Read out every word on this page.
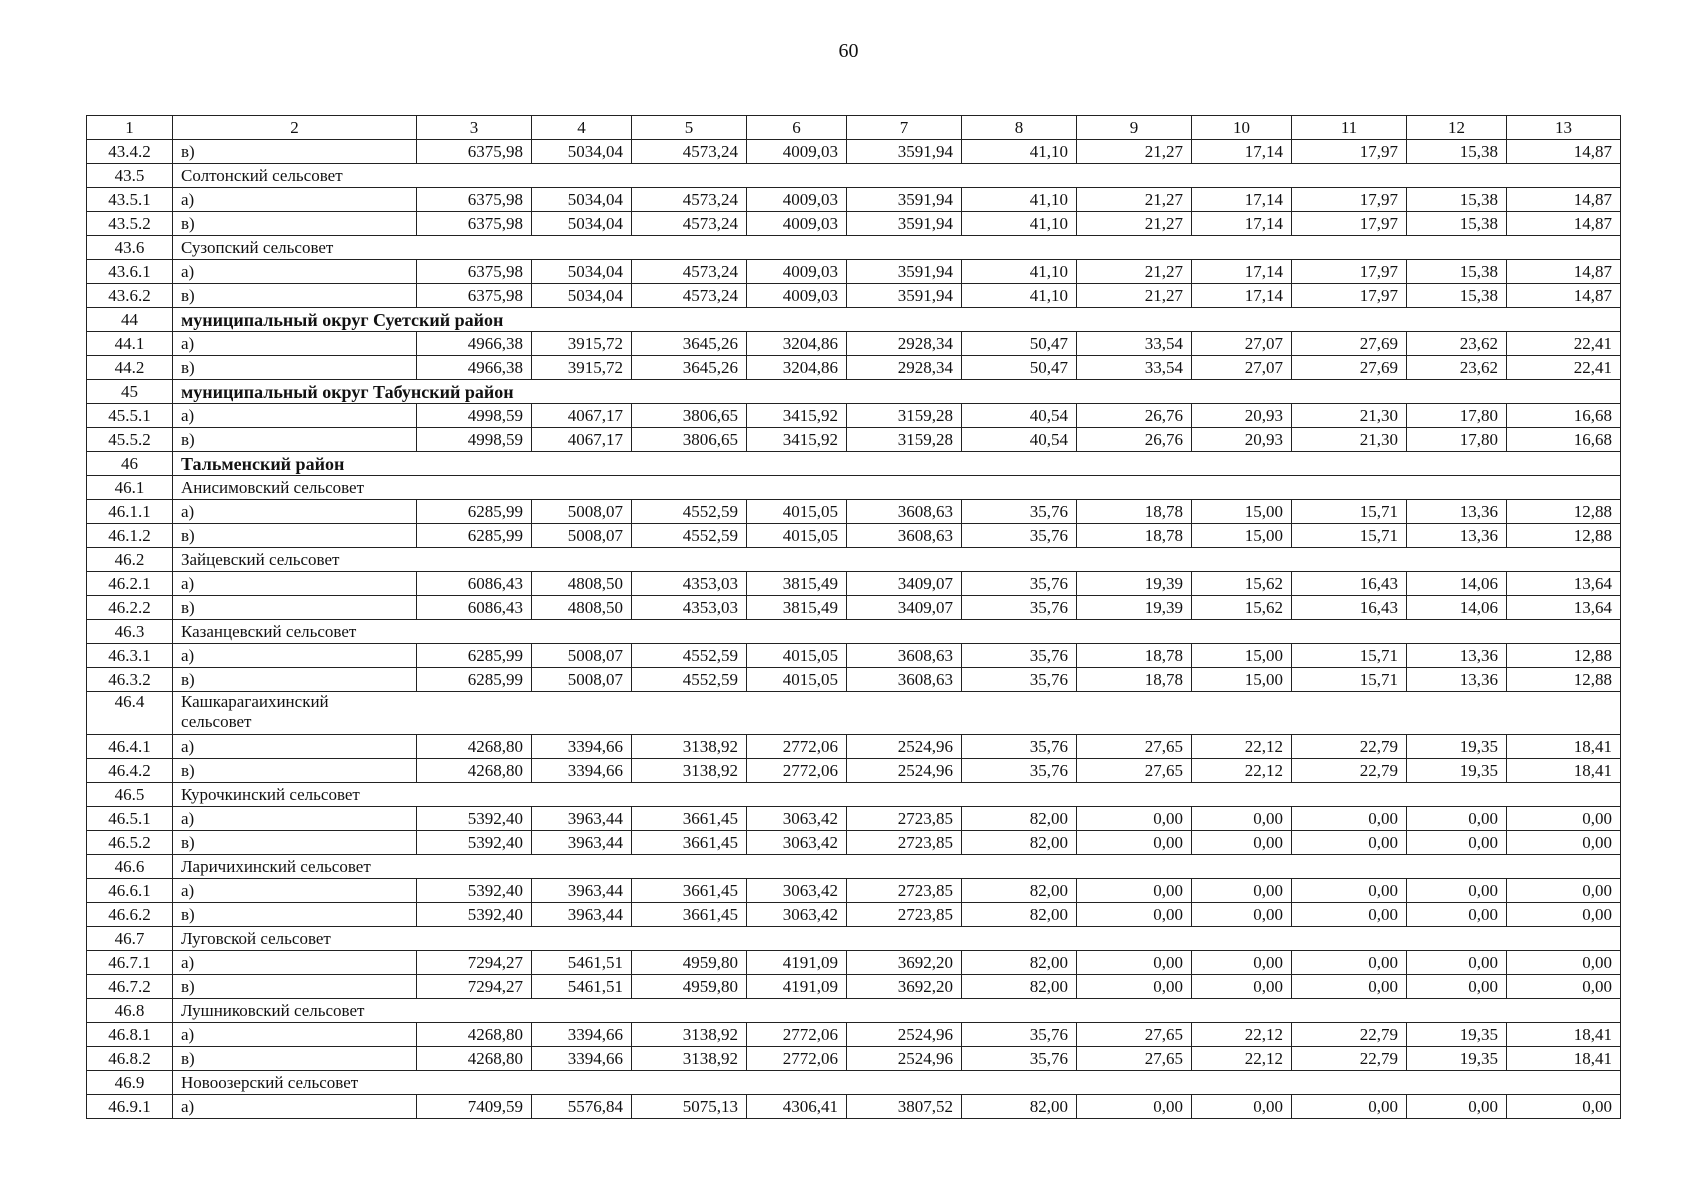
60
1	2	3	4	5	6	7	8	9	10	11	12	13
43.4.2	в)	6375,98	5034,04	4573,24	4009,03	3591,94	41,10	21,27	17,14	17,97	15,38	14,87
43.5	Солтонский сельсовет											
43.5.1	а)	6375,98	5034,04	4573,24	4009,03	3591,94	41,10	21,27	17,14	17,97	15,38	14,87
43.5.2	в)	6375,98	5034,04	4573,24	4009,03	3591,94	41,10	21,27	17,14	17,97	15,38	14,87
43.6	Сузопский сельсовет											
43.6.1	а)	6375,98	5034,04	4573,24	4009,03	3591,94	41,10	21,27	17,14	17,97	15,38	14,87
43.6.2	в)	6375,98	5034,04	4573,24	4009,03	3591,94	41,10	21,27	17,14	17,97	15,38	14,87
44	муниципальный округ Суетский район											
44.1	а)	4966,38	3915,72	3645,26	3204,86	2928,34	50,47	33,54	27,07	27,69	23,62	22,41
44.2	в)	4966,38	3915,72	3645,26	3204,86	2928,34	50,47	33,54	27,07	27,69	23,62	22,41
45	муниципальный округ Табунский район											
45.5.1	а)	4998,59	4067,17	3806,65	3415,92	3159,28	40,54	26,76	20,93	21,30	17,80	16,68
45.5.2	в)	4998,59	4067,17	3806,65	3415,92	3159,28	40,54	26,76	20,93	21,30	17,80	16,68
46	Тальменский район											
46.1	Анисимовский сельсовет											
46.1.1	а)	6285,99	5008,07	4552,59	4015,05	3608,63	35,76	18,78	15,00	15,71	13,36	12,88
46.1.2	в)	6285,99	5008,07	4552,59	4015,05	3608,63	35,76	18,78	15,00	15,71	13,36	12,88
46.2	Зайцевский сельсовет											
46.2.1	а)	6086,43	4808,50	4353,03	3815,49	3409,07	35,76	19,39	15,62	16,43	14,06	13,64
46.2.2	в)	6086,43	4808,50	4353,03	3815,49	3409,07	35,76	19,39	15,62	16,43	14,06	13,64
46.3	Казанцевский сельсовет											
46.3.1	а)	6285,99	5008,07	4552,59	4015,05	3608,63	35,76	18,78	15,00	15,71	13,36	12,88
46.3.2	в)	6285,99	5008,07	4552,59	4015,05	3608,63	35,76	18,78	15,00	15,71	13,36	12,88
46.4	Кашкарагаихинский сельсовет											
46.4.1	а)	4268,80	3394,66	3138,92	2772,06	2524,96	35,76	27,65	22,12	22,79	19,35	18,41
46.4.2	в)	4268,80	3394,66	3138,92	2772,06	2524,96	35,76	27,65	22,12	22,79	19,35	18,41
46.5	Курочкинский сельсовет											
46.5.1	а)	5392,40	3963,44	3661,45	3063,42	2723,85	82,00	0,00	0,00	0,00	0,00	0,00
46.5.2	в)	5392,40	3963,44	3661,45	3063,42	2723,85	82,00	0,00	0,00	0,00	0,00	0,00
46.6	Ларичихинский сельсовет											
46.6.1	а)	5392,40	3963,44	3661,45	3063,42	2723,85	82,00	0,00	0,00	0,00	0,00	0,00
46.6.2	в)	5392,40	3963,44	3661,45	3063,42	2723,85	82,00	0,00	0,00	0,00	0,00	0,00
46.7	Луговской сельсовет											
46.7.1	а)	7294,27	5461,51	4959,80	4191,09	3692,20	82,00	0,00	0,00	0,00	0,00	0,00
46.7.2	в)	7294,27	5461,51	4959,80	4191,09	3692,20	82,00	0,00	0,00	0,00	0,00	0,00
46.8	Лушниковский сельсовет											
46.8.1	а)	4268,80	3394,66	3138,92	2772,06	2524,96	35,76	27,65	22,12	22,79	19,35	18,41
46.8.2	в)	4268,80	3394,66	3138,92	2772,06	2524,96	35,76	27,65	22,12	22,79	19,35	18,41
46.9	Новоозерский сельсовет											
46.9.1	а)	7409,59	5576,84	5075,13	4306,41	3807,52	82,00	0,00	0,00	0,00	0,00	0,00
